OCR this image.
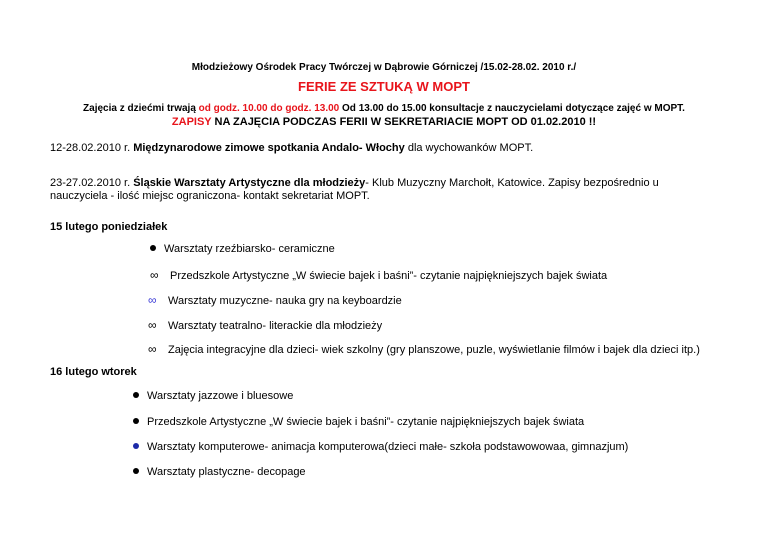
Młodzieżowy Ośrodek Pracy Twórczej w Dąbrowie Górniczej /15.02-28.02. 2010 r./
FERIE ZE SZTUKĄ W MOPT
Zajęcia z dziećmi trwają od godz. 10.00 do godz. 13.00 Od 13.00 do 15.00 konsultacje z nauczycielami dotyczące zajęć w MOPT.
ZAPISY NA ZAJĘCIA PODCZAS FERII W SEKRETARIACIE MOPT OD 01.02.2010 !!
12-28.02.2010 r. Międzynarodowe zimowe spotkania Andalo- Włochy dla wychowanków MOPT.
23-27.02.2010 r. Śląskie Warsztaty Artystyczne dla młodzieży- Klub Muzyczny Marchołt, Katowice. Zapisy bezpośrednio u
nauczyciela - ilość miejsc ograniczona- kontakt sekretariat MOPT.
15 lutego poniedziałek
Warsztaty rzeźbiarsko- ceramiczne
∞ Przedszkole Artystyczne „W świecie bajek i baśni”- czytanie najpiękniejszych bajek świata
∞ Warsztaty muzyczne- nauka gry na keyboardzie
∞ Warsztaty teatralno- literackie dla młodzieży
∞ Zajęcia integracyjne dla dzieci- wiek szkolny (gry planszowe, puzle, wyświetlanie filmów i bajek dla dzieci itp.)
16 lutego wtorek
Warsztaty jazzowe i bluesowe
Przedszkole Artystyczne „W świecie bajek i baśni”- czytanie najpiękniejszych bajek świata
Warsztaty komputerowe- animacja komputerowa(dzieci małe- szkoła podstawowowaa, gimnazjum)
Warsztaty plastyczne- decopage
